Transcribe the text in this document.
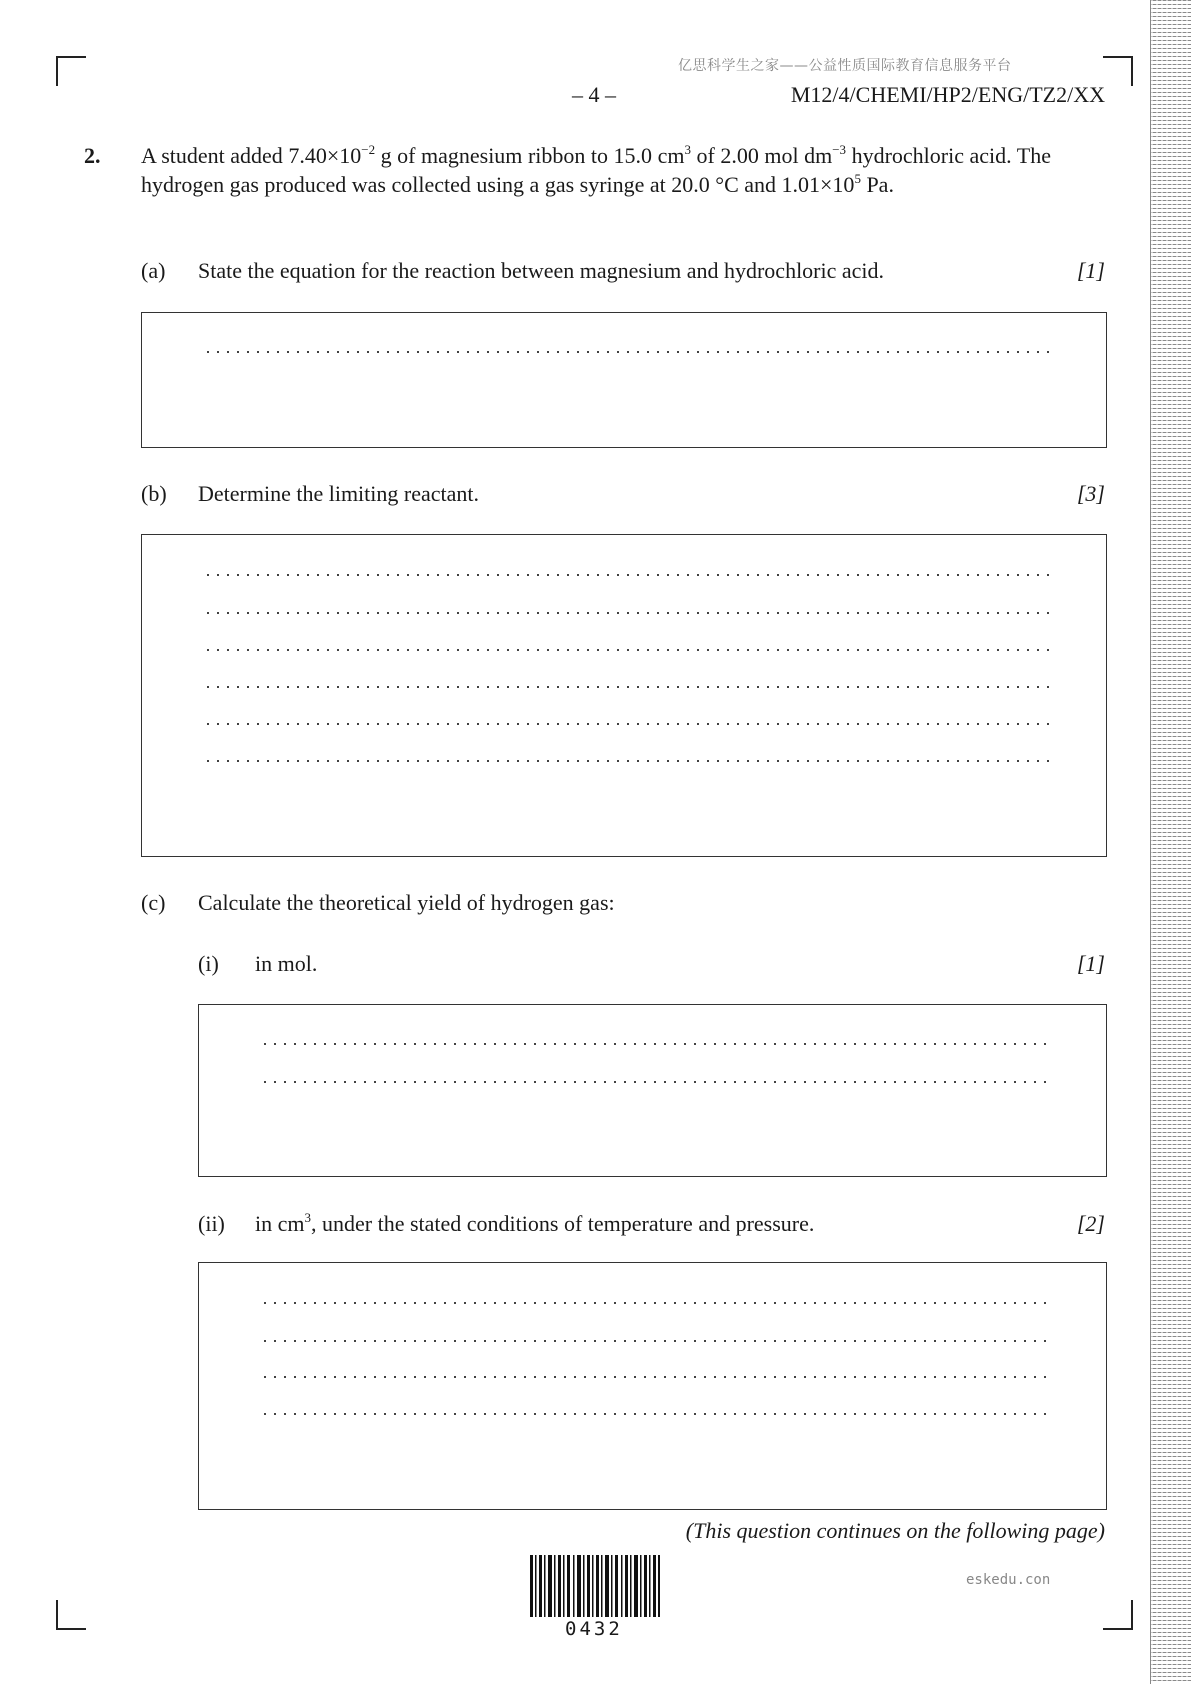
亿思科学生之家——公益性质国际教育信息服务平台
– 4 –	M12/4/CHEMI/HP2/ENG/TZ2/XX
2. A student added $7.40\times 10^{-2}$ g of magnesium ribbon to 15.0 $cm^3$ of 2.00 mol $dm^{-3}$ hydrochloric acid. The hydrogen gas produced was collected using a gas syringe at 20.0 °C and $1.01\times 10^5$ Pa.
(a) State the equation for the reaction between magnesium and hydrochloric acid.	[1]
(b) Determine the limiting reactant.	[3]
(c) Calculate the theoretical yield of hydrogen gas:
(i) in mol.	[1]
(ii) in $cm^3$, under the stated conditions of temperature and pressure.	[2]
(This question continues on the following page)
eskedu.con
0432
